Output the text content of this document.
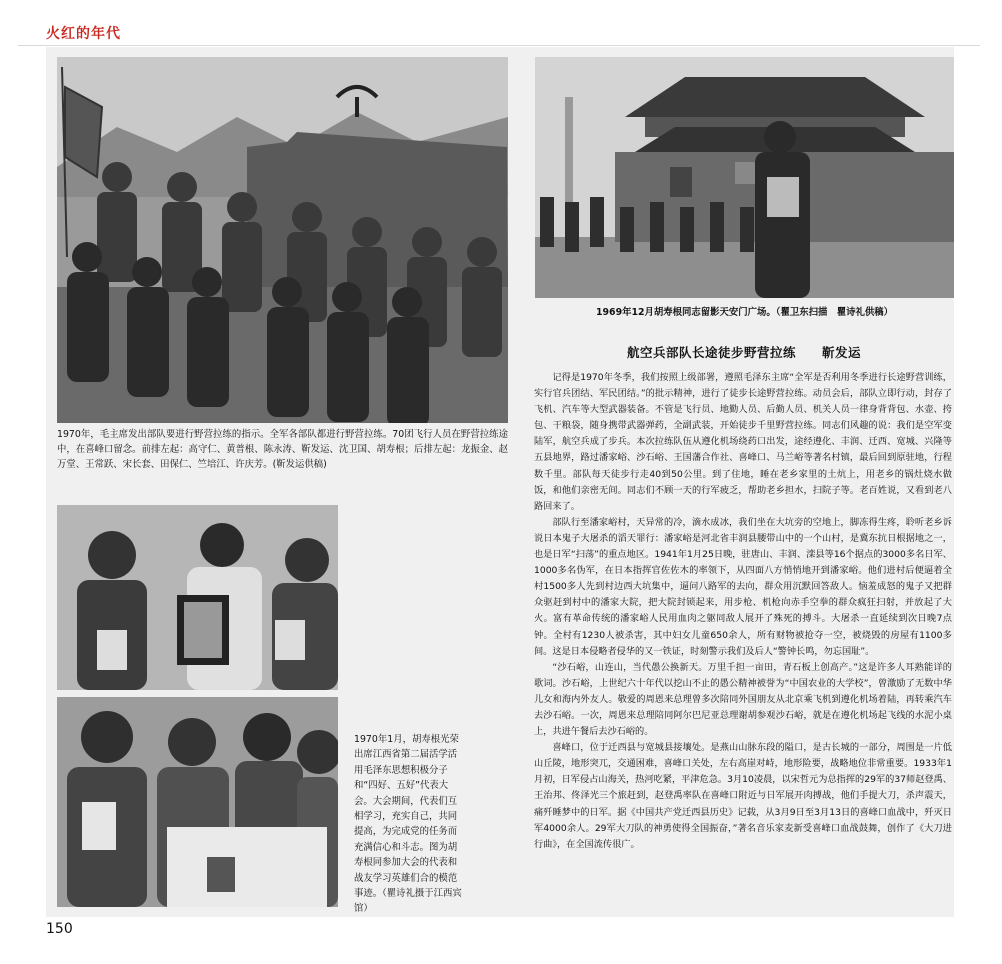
火红的年代
1970年，毛主席发出部队要进行野营拉练的指示。全军各部队都进行野营拉练。70团飞行人员在野营拉练途中，在喜峰口留念。前排左起：高守仁、黄普根、陈永涛、靳发运、沈卫国、胡寿根；后排左起：龙振金、赵万堂、王常跃、宋长套、田保仁、竺培江、许庆芳。(靳发运供稿)
1969年12月胡寿根同志留影天安门广场。（瞿卫东扫描　瞿诗礼供稿）
航空兵部队长途徒步野营拉练　　靳发运

记得是1970年冬季，我们按照上级部署，遵照毛泽东主席“全军是否利用冬季进行长途野营训练，实行官兵团结、军民团结。”的批示精神，进行了徒步长途野营拉练。动员会后，部队立即行动，封存了飞机、汽车等大型武器装备。不管是飞行员、地勤人员、后勤人员、机关人员一律身背背包、水壶、挎包、干粮袋，随身携带武器弹药，全副武装，开始徒步千里野营拉练。同志们风趣的说：我们是空军变陆军，航空兵成了步兵。本次拉练队伍从遵化机场绕药口出发，途经遵化、丰润、迁西、宽城、兴隆等五县地界，路过潘家峪、沙石峪、王国藩合作社、喜峰口、马兰峪等著名村镇，最后回到原驻地，行程数千里。部队每天徒步行走40到50公里。到了住地，睡在老乡家里的土炕上，用老乡的锅灶烧水做饭，和他们亲密无间。同志们不顾一天的行军疲乏，帮助老乡担水，扫院子等。老百姓说，又看到老八路回来了。

部队行至潘家峪村，天异常的冷，滴水成冰，我们坐在大坑旁的空地上，脚冻得生疼，聆听老乡诉说日本鬼子大屠杀的滔天罪行：潘家峪是河北省丰润县腰带山中的一个山村，是冀东抗日根据地之一，也是日军“扫荡”的重点地区。1941年1月25日晚，驻唐山、丰润、滦县等16个据点的3000多名日军、1000多名伪军，在日本指挥官佐佐木的率领下，从四面八方悄悄地开到潘家峪。他们进村后便逼着全村1500多人先到村边西大坑集中，逼问八路军的去向，群众用沉默回答敌人。恼羞成怒的鬼子又把群众驱赶到村中的潘家大院，把大院封锁起来，用步枪、机枪向赤手空拳的群众疯狂扫射，并放起了大火。富有革命传统的潘家峪人民用血肉之躯同敌人展开了殊死的搏斗。大屠杀一直延续到次日晚7点钟。全村有1230人被杀害，其中妇女儿童650余人，所有财物被抢夺一空，被烧毁的房屋有1100多间。这是日本侵略者侵华的又一铁证，时刻警示我们及后人“警钟长鸣，勿忘国耻”。

“沙石峪，山连山，当代愚公换新天。万里千担一亩田，青石板上创高产。”这是许多人耳熟能详的歌词。沙石峪，上世纪六十年代以挖山不止的愚公精神被誉为“中国农业的大学校”，曾激励了无数中华儿女和海内外友人。敬爱的周恩来总理曾多次陪同外国朋友从北京乘飞机到遵化机场着陆，再转乘汽车去沙石峪。一次，周恩来总理陪同阿尔巴尼亚总理谢胡参观沙石峪，就是在遵化机场起飞线的水泥小桌上，共进午餐后去沙石峪的。

喜峰口，位于迁西县与宽城县接壤处。是燕山山脉东段的隘口，是古长城的一部分，周围是一片低山丘陵，地形突兀，交通困难，喜峰口关处，左右高崖对峙，地形险要，战略地位非常重要。1933年1月初，日军侵占山海关，热河吃紧，平津危急。3月10凌晨，以宋哲元为总指挥的29军的37师赵登禹、王治邦、佟泽光三个旅赶到，赵登禹率队在喜峰口附近与日军展开肉搏战，他们手提大刀，杀声震天，痛歼睡梦中的日军。据《中国共产党迁西县历史》记载，从3月9日至3月13日的喜峰口血战中，歼灭日军4000余人。29军大刀队的神勇使得全国振奋，”著名音乐家麦新受喜峰口血战鼓舞，创作了《大刀进行曲》，在全国流传很广。

1970年1月，胡寿根光荣出席江西省第二届活学活用毛泽东思想积极分子和“四好、五好”代表大会。大会期间，代表们互相学习，充实自己，共同提高，为完成党的任务而充满信心和斗志。图为胡寿根同参加大会的代表和战友学习英雄们合的模范事迹。（瞿诗礼摄于江西宾馆）
150
